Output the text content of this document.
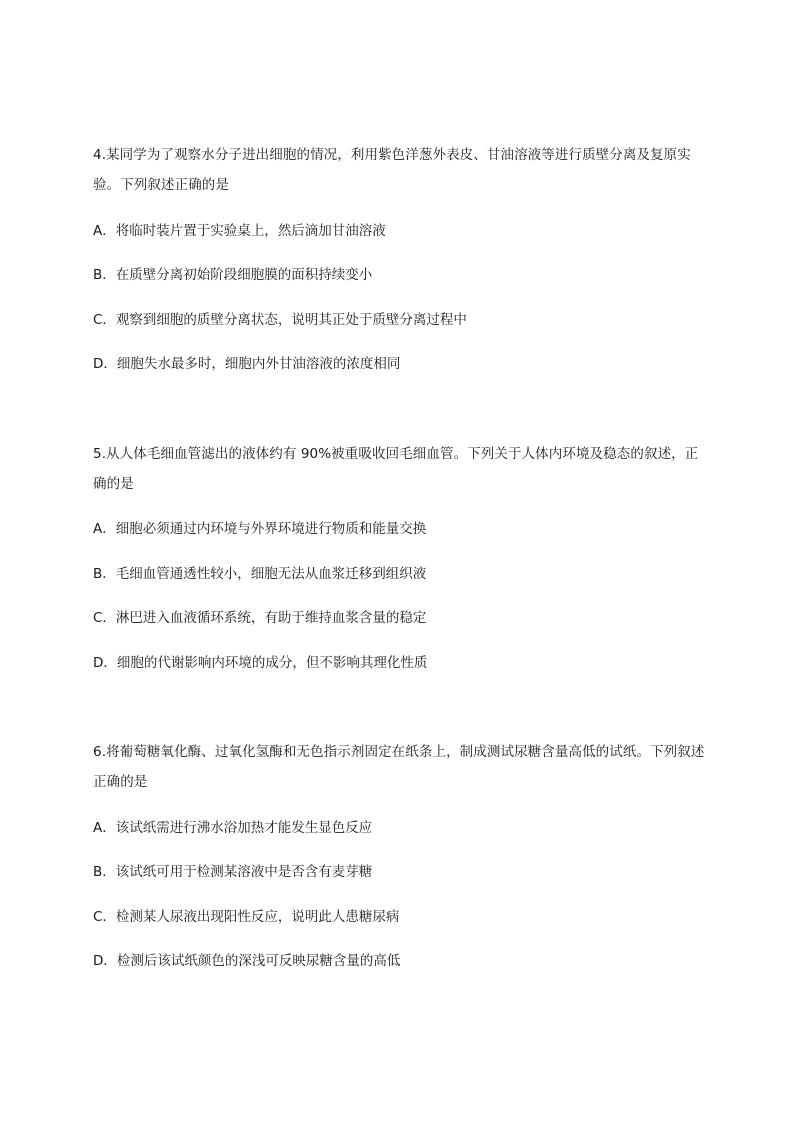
4.某同学为了观察水分子进出细胞的情况，利用紫色洋葱外表皮、甘油溶液等进行质壁分离及复原实验。下列叙述正确的是

A．将临时装片置于实验桌上，然后滴加甘油溶液

B．在质壁分离初始阶段细胞膜的面积持续变小

C．观察到细胞的质壁分离状态，说明其正处于质壁分离过程中

D．细胞失水最多时，细胞内外甘油溶液的浓度相同

5.从人体毛细血管滤出的液体约有 90%被重吸收回毛细血管。下列关于人体内环境及稳态的叙述，正确的是

A．细胞必须通过内环境与外界环境进行物质和能量交换

B．毛细血管通透性较小，细胞无法从血浆迁移到组织液

C．淋巴进入血液循环系统，有助于维持血浆含量的稳定

D．细胞的代谢影响内环境的成分，但不影响其理化性质

6.将葡萄糖氧化酶、过氧化氢酶和无色指示剂固定在纸条上，制成测试尿糖含量高低的试纸。下列叙述正确的是

A．该试纸需进行沸水浴加热才能发生显色反应

B．该试纸可用于检测某溶液中是否含有麦芽糖

C．检测某人尿液出现阳性反应，说明此人患糖尿病

D．检测后该试纸颜色的深浅可反映尿糖含量的高低
